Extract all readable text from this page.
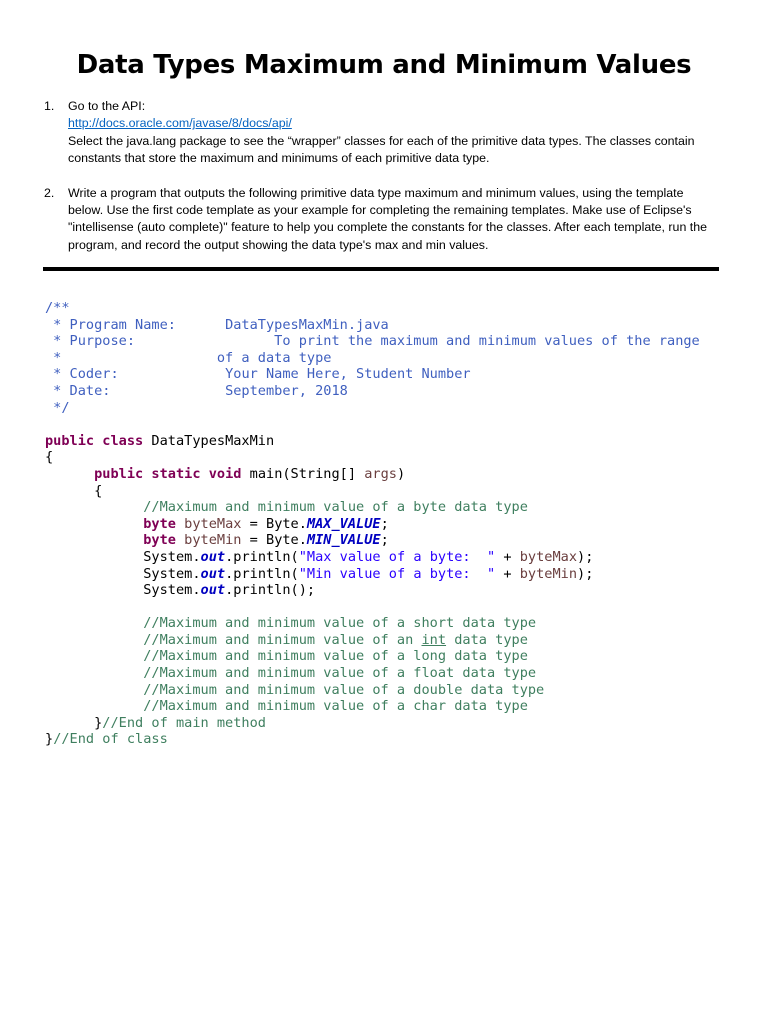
Data Types Maximum and Minimum Values
1. Go to the API:

http://docs.oracle.com/javase/8/docs/api/

Select the java.lang package to see the “wrapper” classes for each of the primitive data types. The classes contain constants that store the maximum and minimums of each primitive data type.

2. Write a program that outputs the following primitive data type maximum and minimum values, using the template below. Use the first code template as your example for completing the remaining templates. Make use of Eclipse's "intellisense (auto complete)" feature to help you complete the constants for the classes. After each template, run the program, and record the output showing the data type's max and min values.

/**
* Program Name:	DataTypesMaxMin.java
* Purpose:	To print the maximum and minimum values of the range
*	of a data type
* Coder:	Your Name Here, Student Number
* Date:	September, 2018
*/

public class DataTypesMaxMin
{
public static void main(String[] args)
{
//Maximum and minimum value of a byte data type
byte byteMax = Byte.MAX_VALUE;
byte byteMin = Byte.MIN_VALUE;
System.out.println("Max value of a byte:  " + byteMax);
System.out.println("Min value of a byte:  " + byteMin);
System.out.println();

//Maximum and minimum value of a short data type
//Maximum and minimum value of an int data type
//Maximum and minimum value of a long data type
//Maximum and minimum value of a float data type
//Maximum and minimum value of a double data type
//Maximum and minimum value of a char data type
}//End of main method
}//End of class
